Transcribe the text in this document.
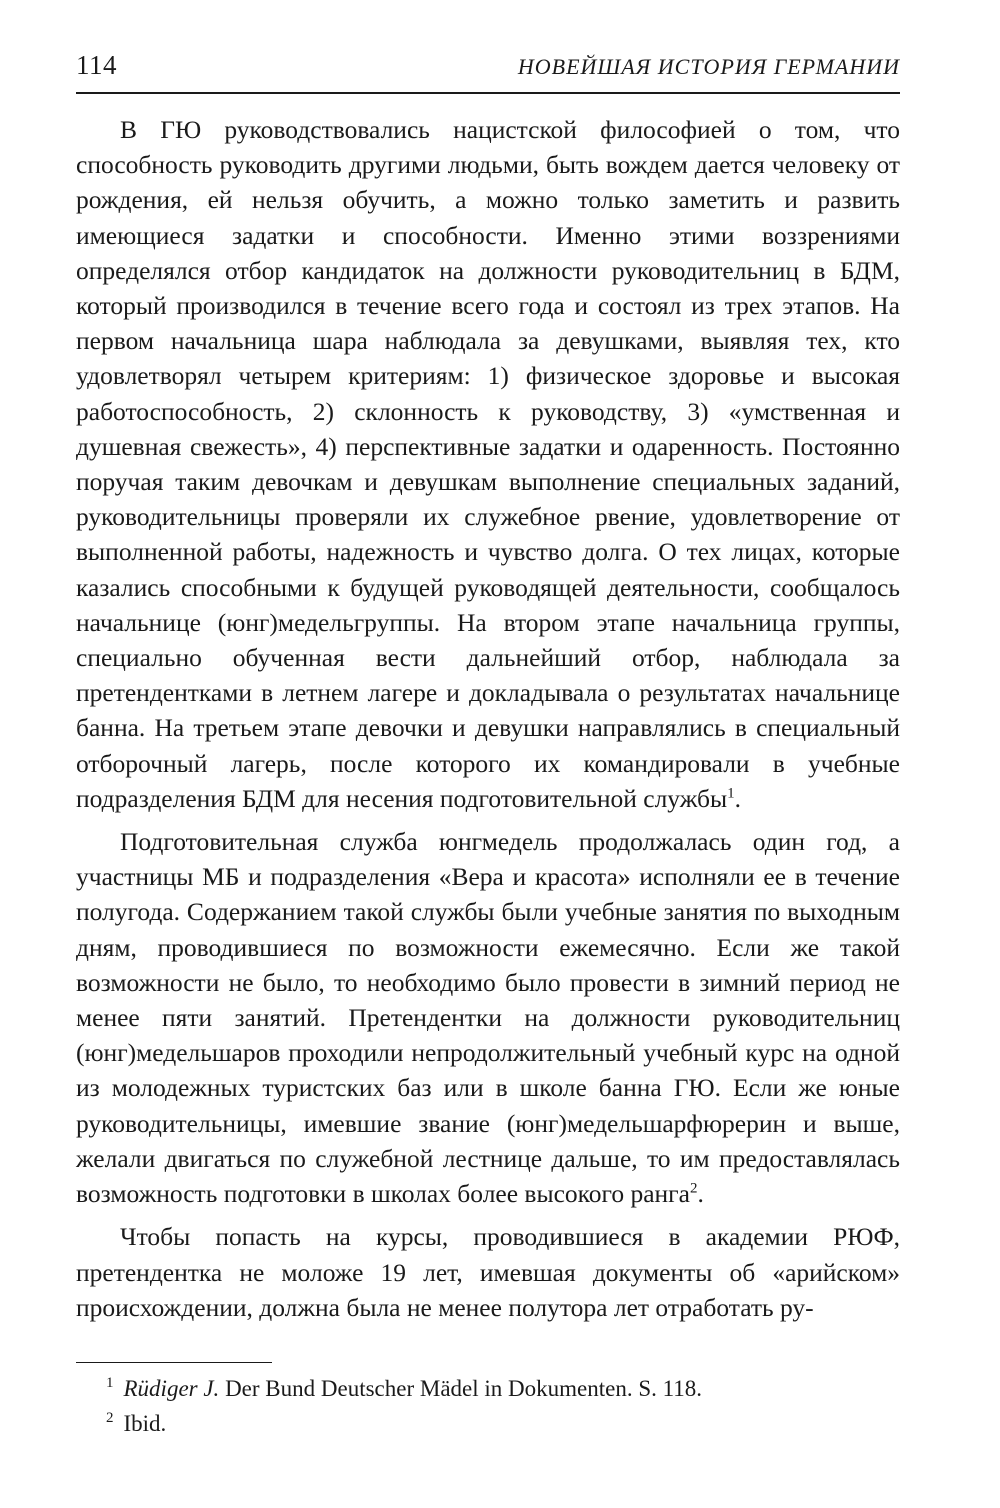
114	НОВЕЙШАЯ ИСТОРИЯ ГЕРМАНИИ

В ГЮ руководствовались нацистской философией о том, что способность руководить другими людьми, быть вождем дается человеку от рождения, ей нельзя обучить, а можно только заметить и развить имеющиеся задатки и способности. Именно этими воззрениями определялся отбор кандидаток на должности руководительниц в БДМ, который производился в течение всего года и состоял из трех этапов. На первом начальница шара наблюдала за девушками, выявляя тех, кто удовлетворял четырем критериям: 1) физическое здоровье и высокая работоспособность, 2) склонность к руководству, 3) «умственная и душевная свежесть», 4) перспективные задатки и одаренность. Постоянно поручая таким девочкам и девушкам выполнение специальных заданий, руководительницы проверяли их служебное рвение, удовлетворение от выполненной работы, надежность и чувство долга. О тех лицах, которые казались способными к будущей руководящей деятельности, сообщалось начальнице (юнг)медельгруппы. На втором этапе начальница группы, специально обученная вести дальнейший отбор, наблюдала за претендентками в летнем лагере и докладывала о результатах начальнице банна. На третьем этапе девочки и девушки направлялись в специальный отборочный лагерь, после которого их командировали в учебные подразделения БДМ для несения подготовительной службы$^1$.

Подготовительная служба юнгмедель продолжалась один год, а участницы МБ и подразделения «Вера и красота» исполняли ее в течение полугода. Содержанием такой службы были учебные занятия по выходным дням, проводившиеся по возможности ежемесячно. Если же такой возможности не было, то необходимо было провести в зимний период не менее пяти занятий. Претендентки на должности руководительниц (юнг)медельшаров проходили непродолжительный учебный курс на одной из молодежных туристских баз или в школе банна ГЮ. Если же юные руководительницы, имевшие звание (юнг)медельшарфюрерин и выше, желали двигаться по служебной лестнице дальше, то им предоставлялась возможность подготовки в школах более высокого ранга$^2$.

Чтобы попасть на курсы, проводившиеся в академии РЮФ, претендентка не моложе 19 лет, имевшая документы об «арийском» происхождении, должна была не менее полутора лет отработать ру-

$^1$ Rüdiger J. Der Bund Deutscher Mädel in Dokumenten. S. 118.
$^2$ Ibid.
